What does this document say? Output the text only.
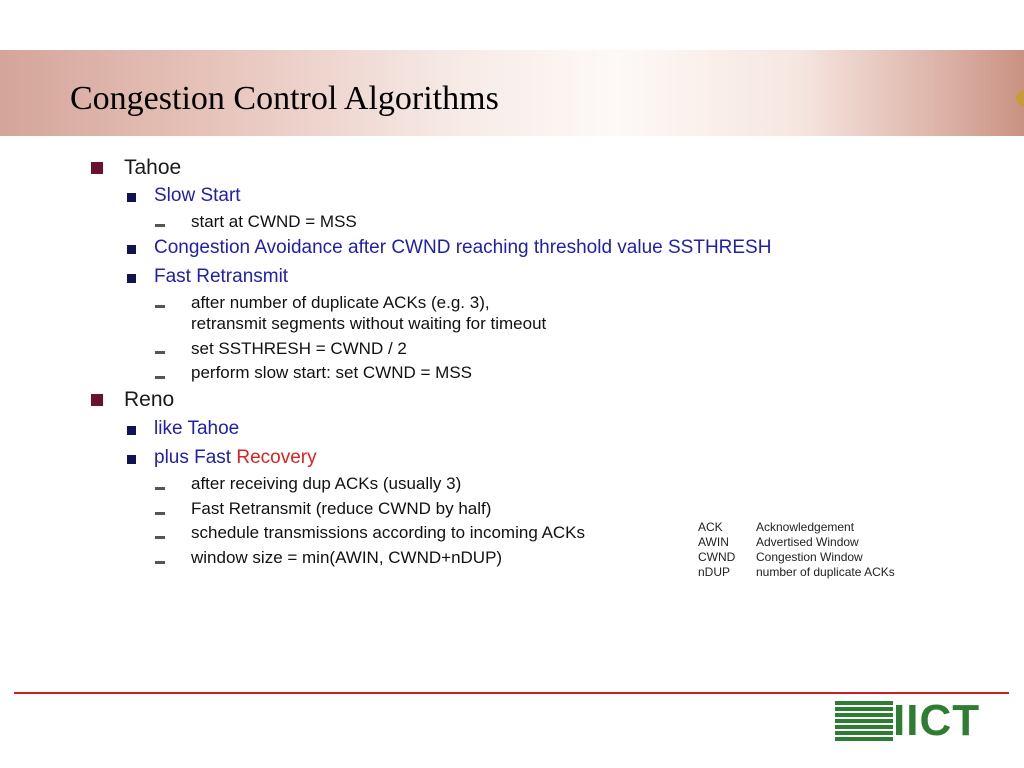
Congestion Control Algorithms
Tahoe
Slow Start
start at CWND = MSS
Congestion Avoidance after CWND reaching threshold value SSTHRESH
Fast Retransmit
after number of duplicate ACKs (e.g. 3),
retransmit segments without waiting for timeout
set SSTHRESH = CWND / 2
perform slow start: set CWND = MSS
Reno
like Tahoe
plus Fast Recovery
after receiving dup ACKs (usually 3)
Fast Retransmit (reduce CWND by half)
schedule transmissions according to incoming ACKs
window size = min(AWIN, CWND+nDUP)
ACK	Acknowledgement
AWIN	Advertised Window
CWND	Congestion Window
nDUP	number of duplicate ACKs
IICT
